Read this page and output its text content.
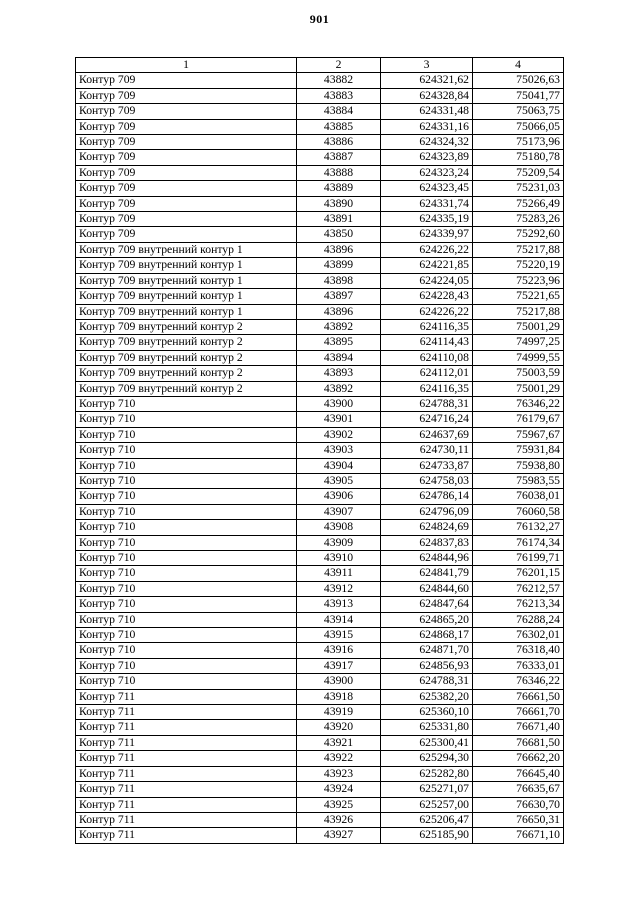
901
1	2	3	4
Контур 709	43882	624321,62	75026,63
Контур 709	43883	624328,84	75041,77
Контур 709	43884	624331,48	75063,75
Контур 709	43885	624331,16	75066,05
Контур 709	43886	624324,32	75173,96
Контур 709	43887	624323,89	75180,78
Контур 709	43888	624323,24	75209,54
Контур 709	43889	624323,45	75231,03
Контур 709	43890	624331,74	75266,49
Контур 709	43891	624335,19	75283,26
Контур 709	43850	624339,97	75292,60
Контур 709 внутренний контур 1	43896	624226,22	75217,88
Контур 709 внутренний контур 1	43899	624221,85	75220,19
Контур 709 внутренний контур 1	43898	624224,05	75223,96
Контур 709 внутренний контур 1	43897	624228,43	75221,65
Контур 709 внутренний контур 1	43896	624226,22	75217,88
Контур 709 внутренний контур 2	43892	624116,35	75001,29
Контур 709 внутренний контур 2	43895	624114,43	74997,25
Контур 709 внутренний контур 2	43894	624110,08	74999,55
Контур 709 внутренний контур 2	43893	624112,01	75003,59
Контур 709 внутренний контур 2	43892	624116,35	75001,29
Контур 710	43900	624788,31	76346,22
Контур 710	43901	624716,24	76179,67
Контур 710	43902	624637,69	75967,67
Контур 710	43903	624730,11	75931,84
Контур 710	43904	624733,87	75938,80
Контур 710	43905	624758,03	75983,55
Контур 710	43906	624786,14	76038,01
Контур 710	43907	624796,09	76060,58
Контур 710	43908	624824,69	76132,27
Контур 710	43909	624837,83	76174,34
Контур 710	43910	624844,96	76199,71
Контур 710	43911	624841,79	76201,15
Контур 710	43912	624844,60	76212,57
Контур 710	43913	624847,64	76213,34
Контур 710	43914	624865,20	76288,24
Контур 710	43915	624868,17	76302,01
Контур 710	43916	624871,70	76318,40
Контур 710	43917	624856,93	76333,01
Контур 710	43900	624788,31	76346,22
Контур 711	43918	625382,20	76661,50
Контур 711	43919	625360,10	76661,70
Контур 711	43920	625331,80	76671,40
Контур 711	43921	625300,41	76681,50
Контур 711	43922	625294,30	76662,20
Контур 711	43923	625282,80	76645,40
Контур 711	43924	625271,07	76635,67
Контур 711	43925	625257,00	76630,70
Контур 711	43926	625206,47	76650,31
Контур 711	43927	625185,90	76671,10
